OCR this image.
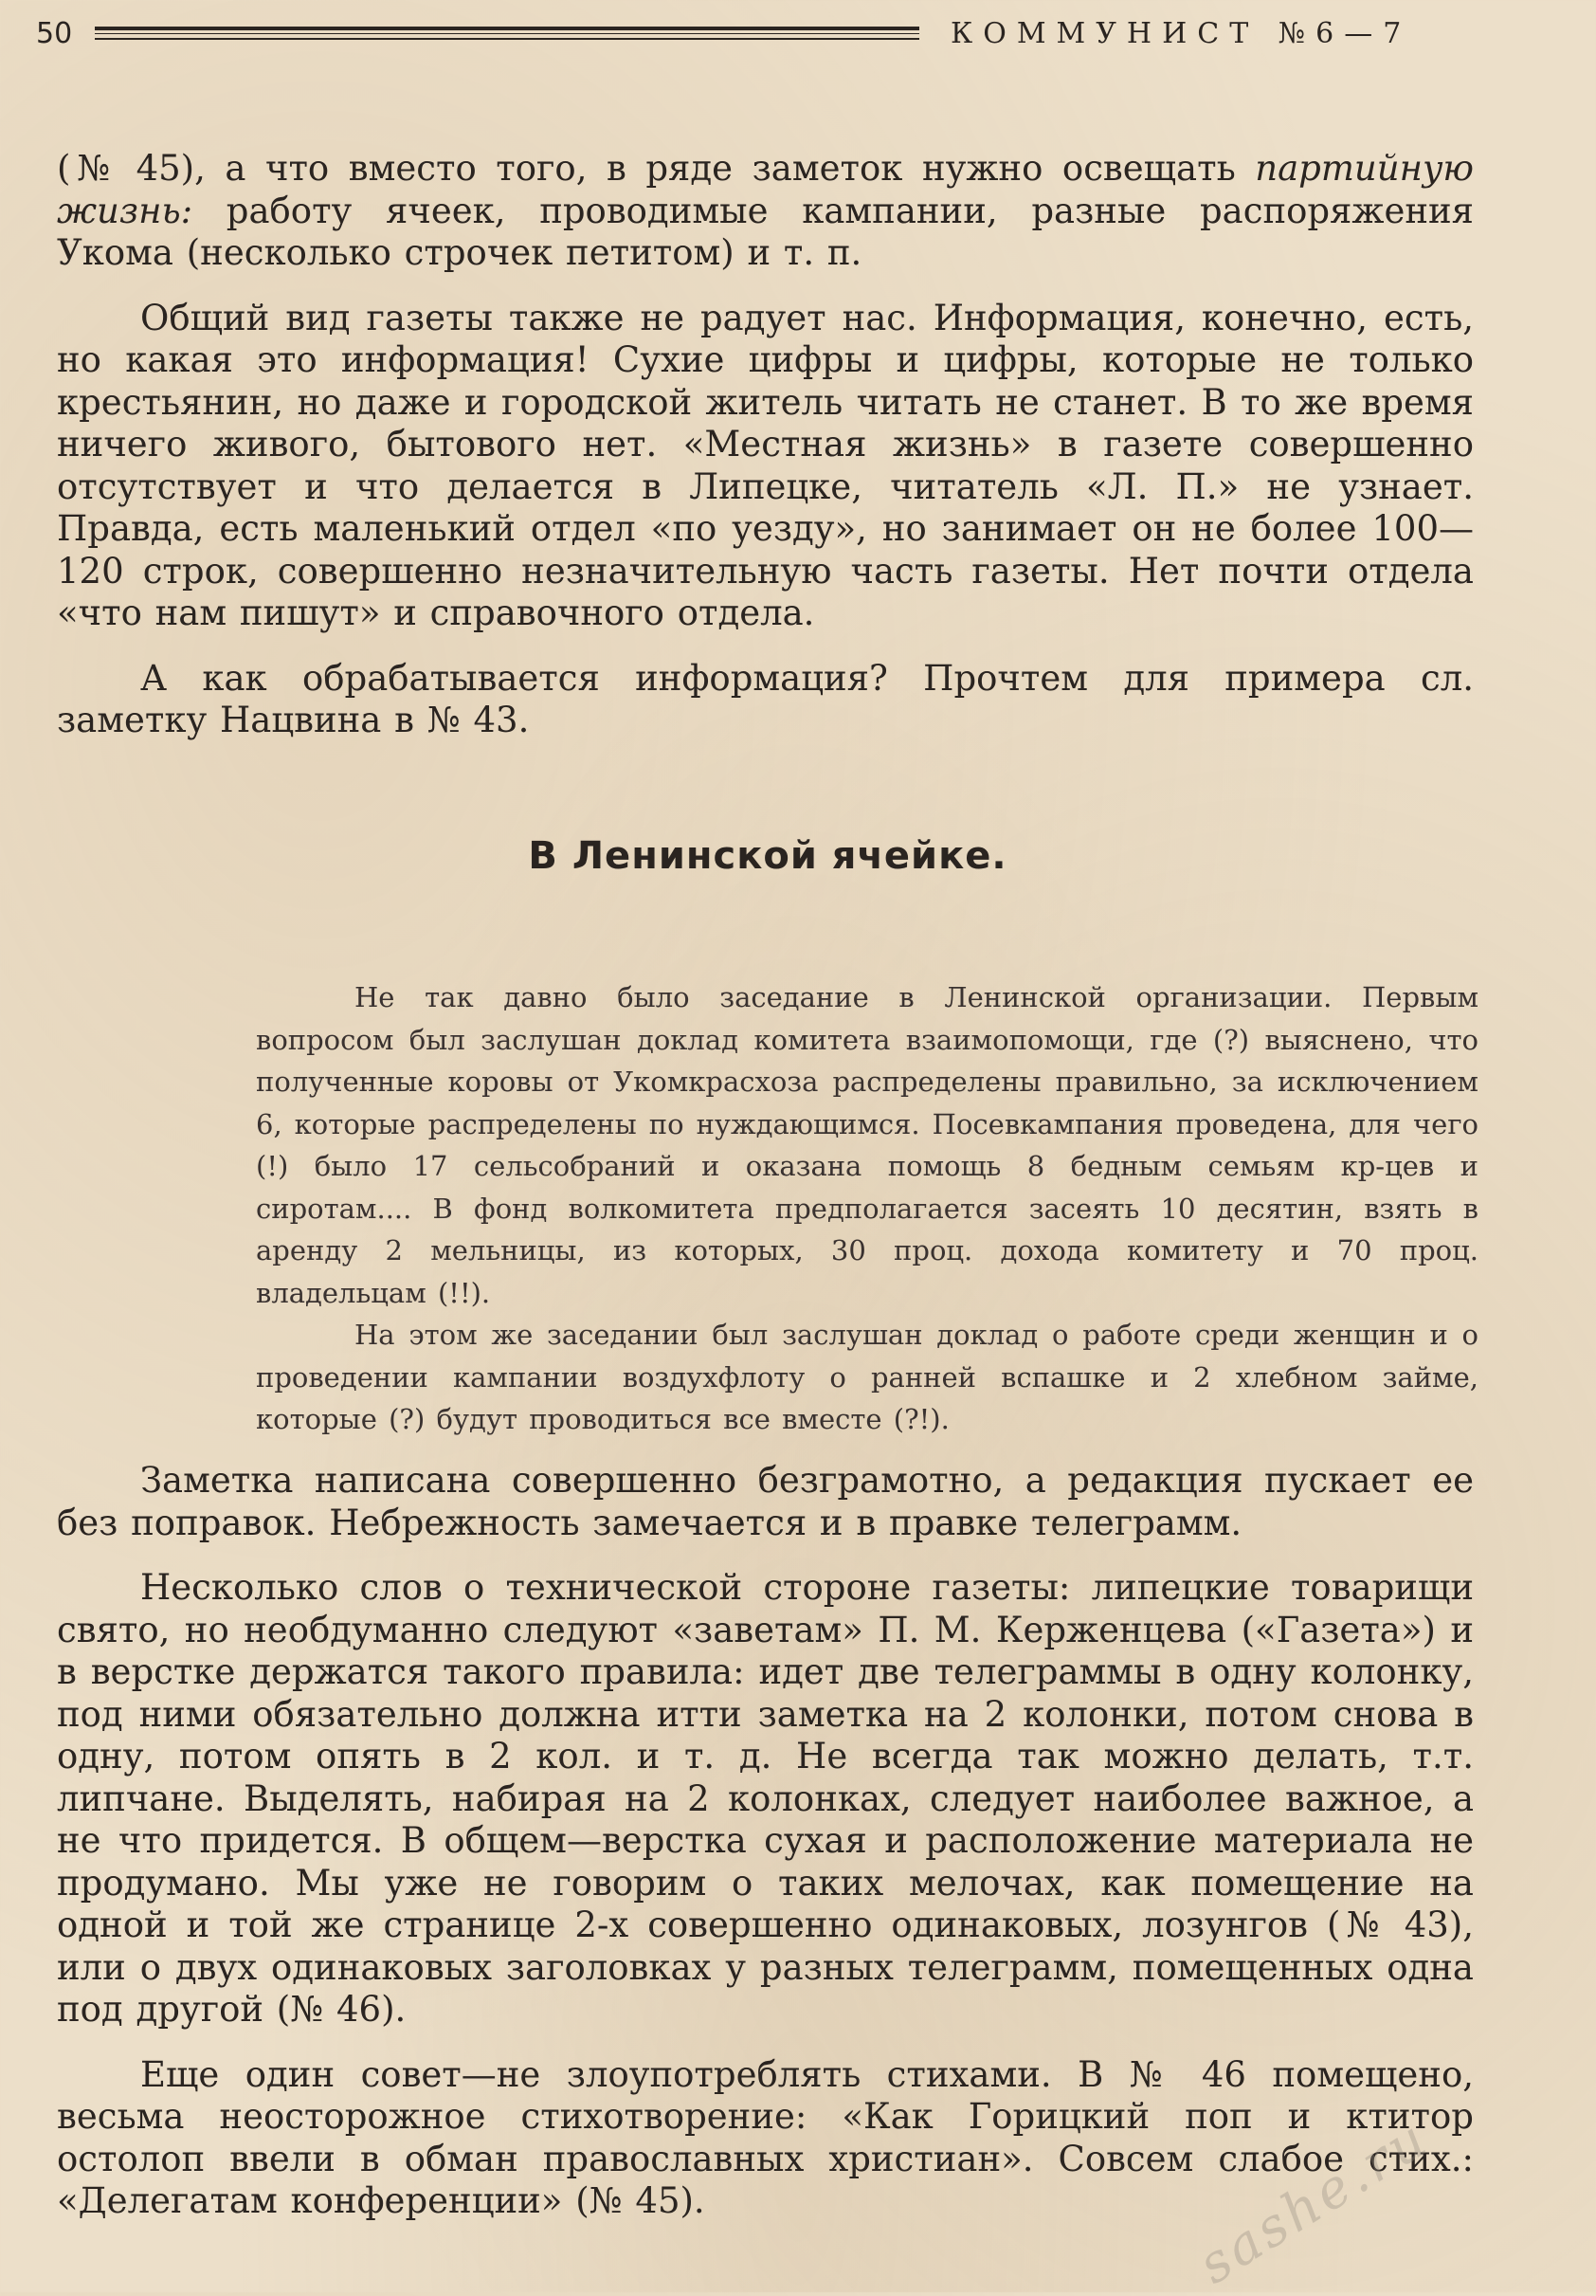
50	КОММУНИСТ №6—7

(№ 45), а что вместо того, в ряде заметок нужно освещать партийную жизнь: работу ячеек, проводимые кампании, разные распоряжения Укома (несколько строчек петитом) и т. п.

Общий вид газеты также не радует нас. Информация, конечно, есть, но какая это информация! Сухие цифры и цифры, которые не только крестьянин, но даже и городской житель читать не станет. В то же время ничего живого, бытового нет. «Местная жизнь» в газете совершенно отсутствует и что делается в Липецке, читатель «Л. П.» не узнает. Правда, есть маленький отдел «по уезду», но занимает он не более 100—120 строк, совершенно незначительную часть газеты. Нет почти отдела «что нам пишут» и справочного отдела.

А как обрабатывается информация? Прочтем для примера сл. заметку Нацвина в № 43.

В Ленинской ячейке.

Не так давно было заседание в Ленинской организации. Первым вопросом был заслушан доклад комитета взаимопомощи, где (?) выяснено, что полученные коровы от Укомкрасхоза распределены правильно, за исключением 6, которые распределены по нуждающимся. Посевкампания проведена, для чего (!) было 17 сельсобраний и оказана помощь 8 бедным семьям кр-цев и сиротам.... В фонд волкомитета предполагается засеять 10 десятин, взять в аренду 2 мельницы, из которых, 30 проц. дохода комитету и 70 проц. владельцам (!!).

На этом же заседании был заслушан доклад о работе среди женщин и о проведении кампании воздухфлоту о ранней вспашке и 2 хлебном займе, которые (?) будут проводиться все вместе (?!).

Заметка написана совершенно безграмотно, а редакция пускает ее без поправок. Небрежность замечается и в правке телеграмм.

Несколько слов о технической стороне газеты: липецкие товарищи свято, но необдуманно следуют «заветам» П. М. Керженцева («Газета») и в верстке держатся такого правила: идет две телеграммы в одну колонку, под ними обязательно должна итти заметка на 2 колонки, потом снова в одну, потом опять в 2 кол. и т. д. Не всегда так можно делать, т.т. липчане. Выделять, набирая на 2 колонках, следует наиболее важное, а не что придется. В общем—верстка сухая и расположение материала не продумано. Мы уже не говорим о таких мелочах, как помещение на одной и той же странице 2-х совершенно одинаковых, лозунгов (№ 43), или о двух одинаковых заголовках у разных телеграмм, помещенных одна под другой (№ 46).

Еще один совет—не злоупотреблять стихами. В № 46 помещено, весьма неосторожное стихотворение: «Как Горицкий поп и ктитор остолоп ввели в обман православных христиан». Совсем слабое стих.: «Делегатам конференции» (№ 45).	sashe.ru
